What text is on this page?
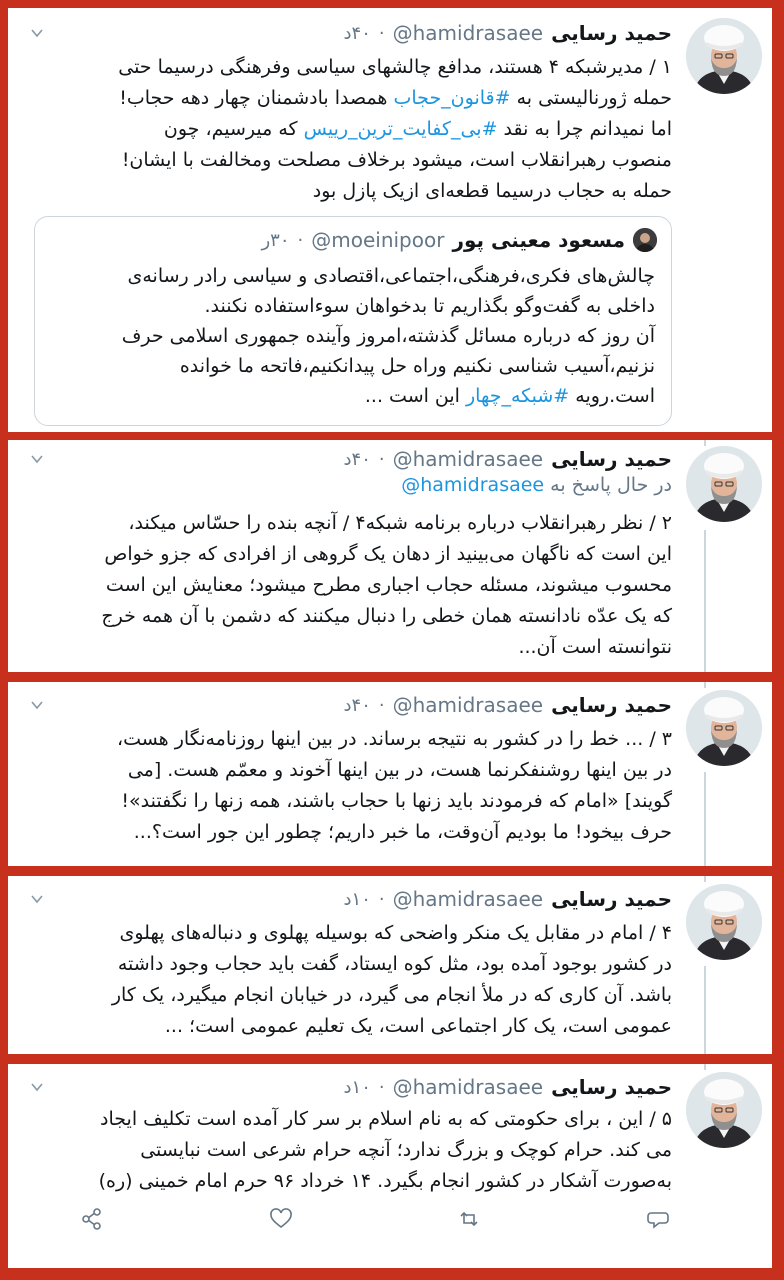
حمید رسایی
@hamidrasaee
·
۴۰د
۱ / مدیرشبکه ۴ هستند، مدافع چالشهای سیاسی وفرهنگی درسیما حتی
حمله ژورنالیستی به #قانون_حجاب همصدا بادشمنان چهار دهه حجاب!
اما نمیدانم چرا به نقد #بی_کفایت_ترین_رییس که میرسیم، چون
منصوب رهبرانقلاب است، میشود برخلاف مصلحت ومخالفت با ایشان!
حمله به حجاب درسیما قطعه‌ای ازیک پازل بود
مسعود معینی پور
@moeinipoor
·
۳۰ر
چالش‌های فکری،فرهنگی،اجتماعی،اقتصادی و سیاسی رادر رسانه‌ی
داخلی به گفت‌وگو بگذاریم تا بدخواهان سوءاستفاده نکنند.
آن روز که درباره مسائل گذشته،امروز وآینده جمهوری اسلامی حرف
نزنیم،آسیب شناسی نکنیم وراه حل پیدانکنیم،فاتحه ما خوانده
است.رویه #شبکه_چهار این است ...
حمید رسایی
@hamidrasaee
·
۴۰د
در حال پاسخ به @hamidrasaee
۲ / نظر رهبرانقلاب درباره برنامه شبکه۴ / آنچه بنده را حسّاس میکند،
این است که ناگهان می‌بینید از دهان یک گروهی از افرادی که جزو خواص
محسوب میشوند، مسئله حجاب اجباری مطرح میشود؛ معنایش این است
که یک عدّه نادانسته همان خطی را دنبال میکنند که دشمن با آن همه خرج
نتوانسته است آن...
حمید رسایی
@hamidrasaee
·
۴۰د
۳ / ... خط را در کشور به نتیجه برساند. در بین اینها روزنامه‌نگار هست،
در بین اینها روشنفکرنما هست، در بین اینها آخوند و معمّم هست. [می
گویند] «امام که فرمودند باید زنها با حجاب باشند، همه زنها را نگفتند»!
حرف بیخود! ما بودیم آن‌وقت، ما خبر داریم؛ چطور این جور است؟...
حمید رسایی
@hamidrasaee
·
۱۰د
۴ / امام در مقابل یک منکر واضحی که بوسیله پهلوی و دنباله‌های پهلوی
در کشور بوجود آمده بود، مثل کوه ایستاد، گفت باید حجاب وجود داشته
باشد. آن کاری که در ملأ انجام می گیرد، در خیابان انجام میگیرد، یک کار
عمومی است، یک کار اجتماعی است، یک تعلیم عمومی است؛ ...
حمید رسایی
@hamidrasaee
·
۱۰د
۵ / این ، برای حکومتی که به نام اسلام بر سر کار آمده است تکلیف ایجاد
می کند. حرام کوچک و بزرگ ندارد؛ آنچه حرام شرعی است نبایستی
به‌صورت آشکار در کشور انجام بگیرد. ۱۴ خرداد ۹۶ حرم امام خمینی (ره)
